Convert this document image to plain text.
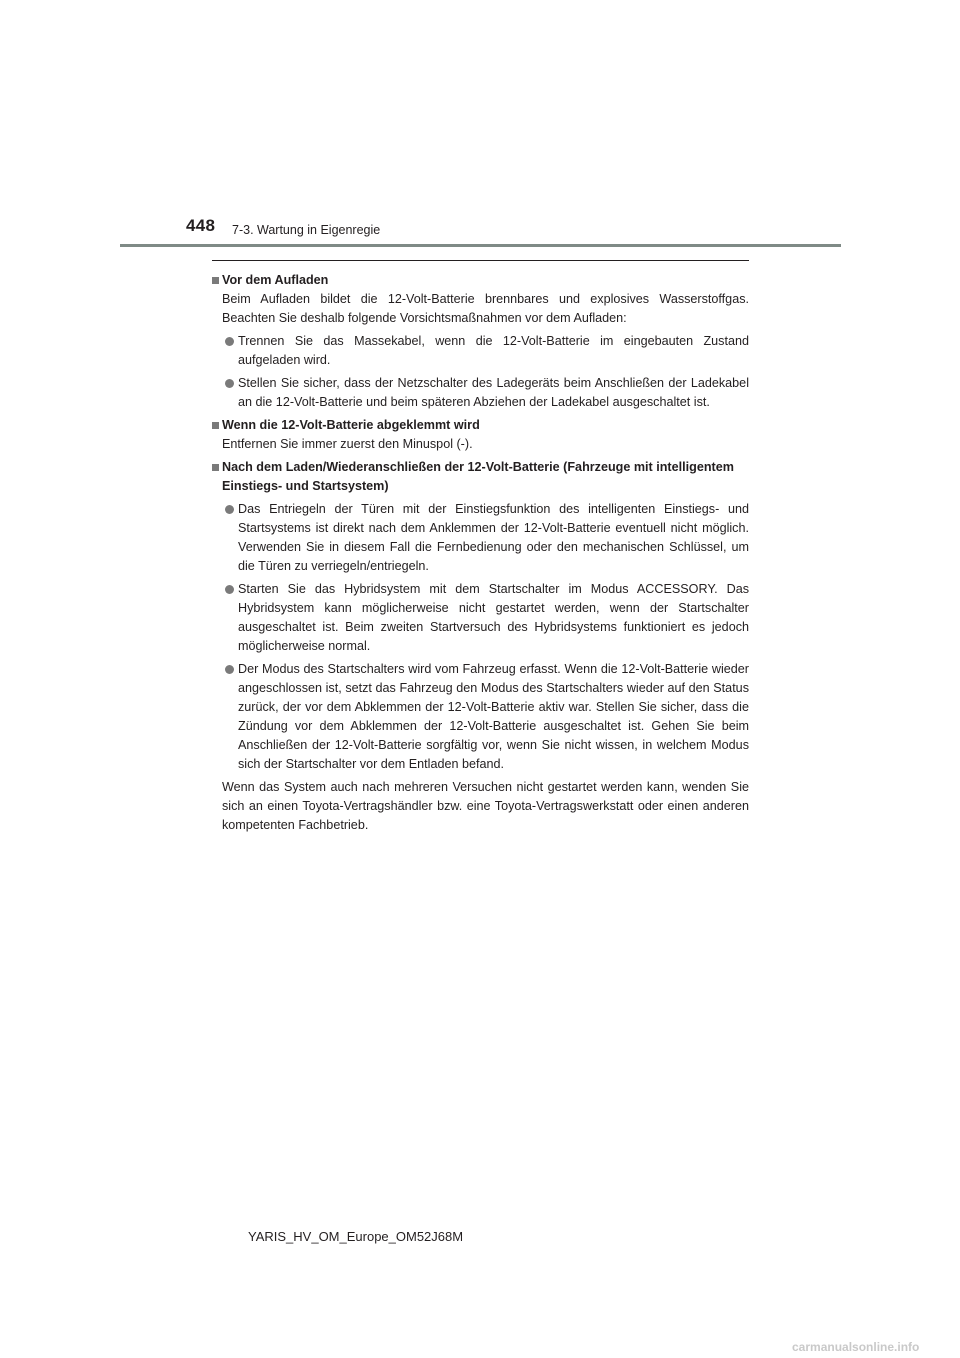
448 7-3. Wartung in Eigenregie
Vor dem Aufladen
Beim Aufladen bildet die 12-Volt-Batterie brennbares und explosives Wasserstoffgas. Beachten Sie deshalb folgende Vorsichtsmaßnahmen vor dem Aufladen:
Trennen Sie das Massekabel, wenn die 12-Volt-Batterie im eingebauten Zustand aufgeladen wird.
Stellen Sie sicher, dass der Netzschalter des Ladegeräts beim Anschließen der Ladekabel an die 12-Volt-Batterie und beim späteren Abziehen der Ladekabel ausgeschaltet ist.
Wenn die 12-Volt-Batterie abgeklemmt wird
Entfernen Sie immer zuerst den Minuspol (-).
Nach dem Laden/Wiederanschließen der 12-Volt-Batterie (Fahrzeuge mit intelligentem Einstiegs- und Startsystem)
Das Entriegeln der Türen mit der Einstiegsfunktion des intelligenten Einstiegs- und Startsystems ist direkt nach dem Anklemmen der 12-Volt-Batterie eventuell nicht möglich. Verwenden Sie in diesem Fall die Fernbedienung oder den mechanischen Schlüssel, um die Türen zu verriegeln/entriegeln.
Starten Sie das Hybridsystem mit dem Startschalter im Modus ACCESSORY. Das Hybridsystem kann möglicherweise nicht gestartet werden, wenn der Startschalter ausgeschaltet ist. Beim zweiten Startversuch des Hybridsystems funktioniert es jedoch möglicherweise normal.
Der Modus des Startschalters wird vom Fahrzeug erfasst. Wenn die 12-Volt-Batterie wieder angeschlossen ist, setzt das Fahrzeug den Modus des Startschalters wieder auf den Status zurück, der vor dem Abklemmen der 12-Volt-Batterie aktiv war. Stellen Sie sicher, dass die Zündung vor dem Abklemmen der 12-Volt-Batterie ausgeschaltet ist. Gehen Sie beim Anschließen der 12-Volt-Batterie sorgfältig vor, wenn Sie nicht wissen, in welchem Modus sich der Startschalter vor dem Entladen befand.
Wenn das System auch nach mehreren Versuchen nicht gestartet werden kann, wenden Sie sich an einen Toyota-Vertragshändler bzw. eine Toyota-Vertragswerkstatt oder einen anderen kompetenten Fachbetrieb.
YARIS_HV_OM_Europe_OM52J68M
carmanualsonline.info
